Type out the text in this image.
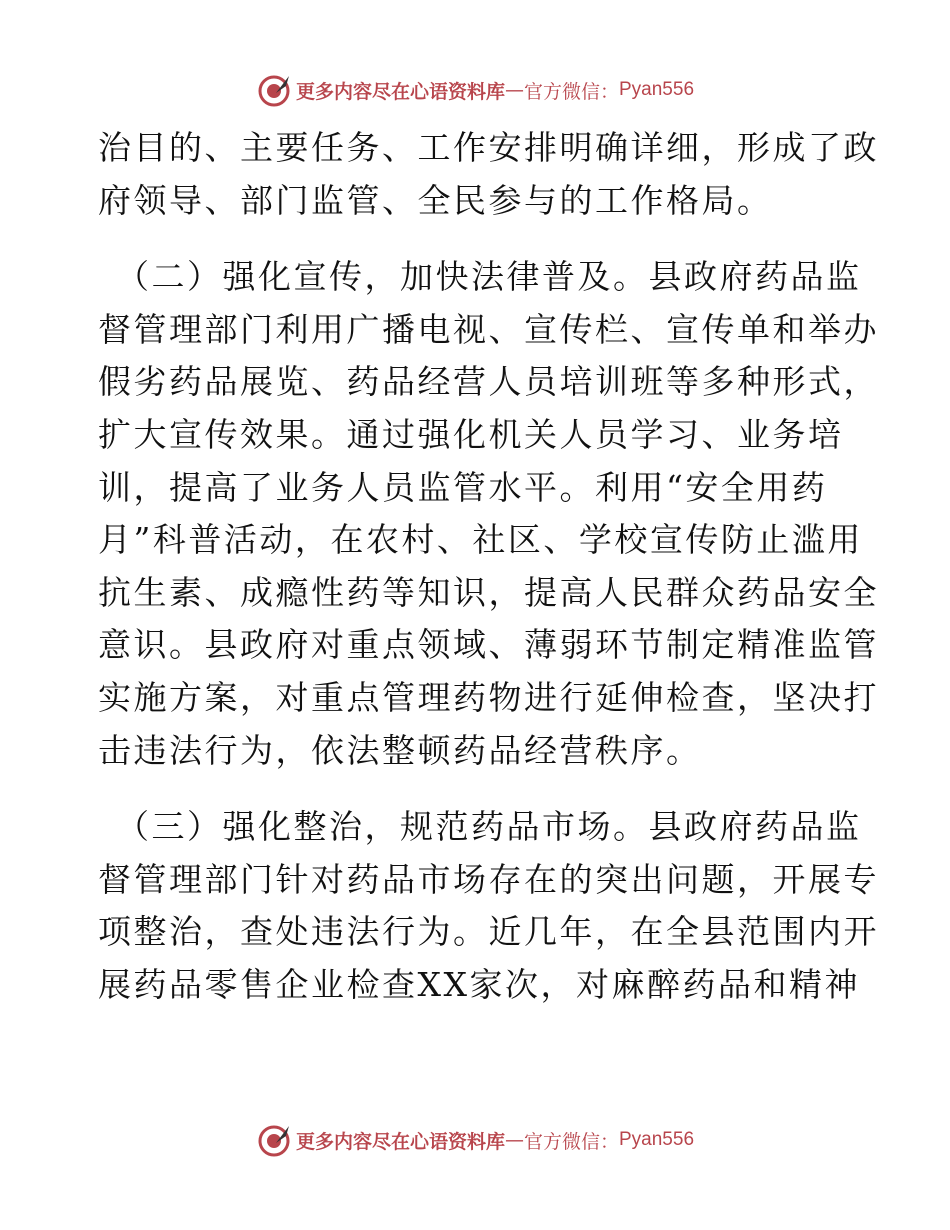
更多内容尽在心语资料库 — 官方微信： Pyan556

治目的、主要任务、工作安排明确详细，形成了政
府领导、部门监管、全民参与的工作格局。

（二）强化宣传，加快法律普及。县政府药品监
督管理部门利用广播电视、宣传栏、宣传单和举办
假劣药品展览、药品经营人员培训班等多种形式，
扩大宣传效果。通过强化机关人员学习、业务培
训，提高了业务人员监管水平。利用“安全用药
月”科普活动，在农村、社区、学校宣传防止滥用
抗生素、成瘾性药等知识，提高人民群众药品安全
意识。县政府对重点领域、薄弱环节制定精准监管
实施方案，对重点管理药物进行延伸检查，坚决打
击违法行为，依法整顿药品经营秩序。

（三）强化整治，规范药品市场。县政府药品监
督管理部门针对药品市场存在的突出问题，开展专
项整治，查处违法行为。近几年，在全县范围内开
展药品零售企业检查XX家次，对麻醉药品和精神

更多内容尽在心语资料库 — 官方微信： Pyan556
